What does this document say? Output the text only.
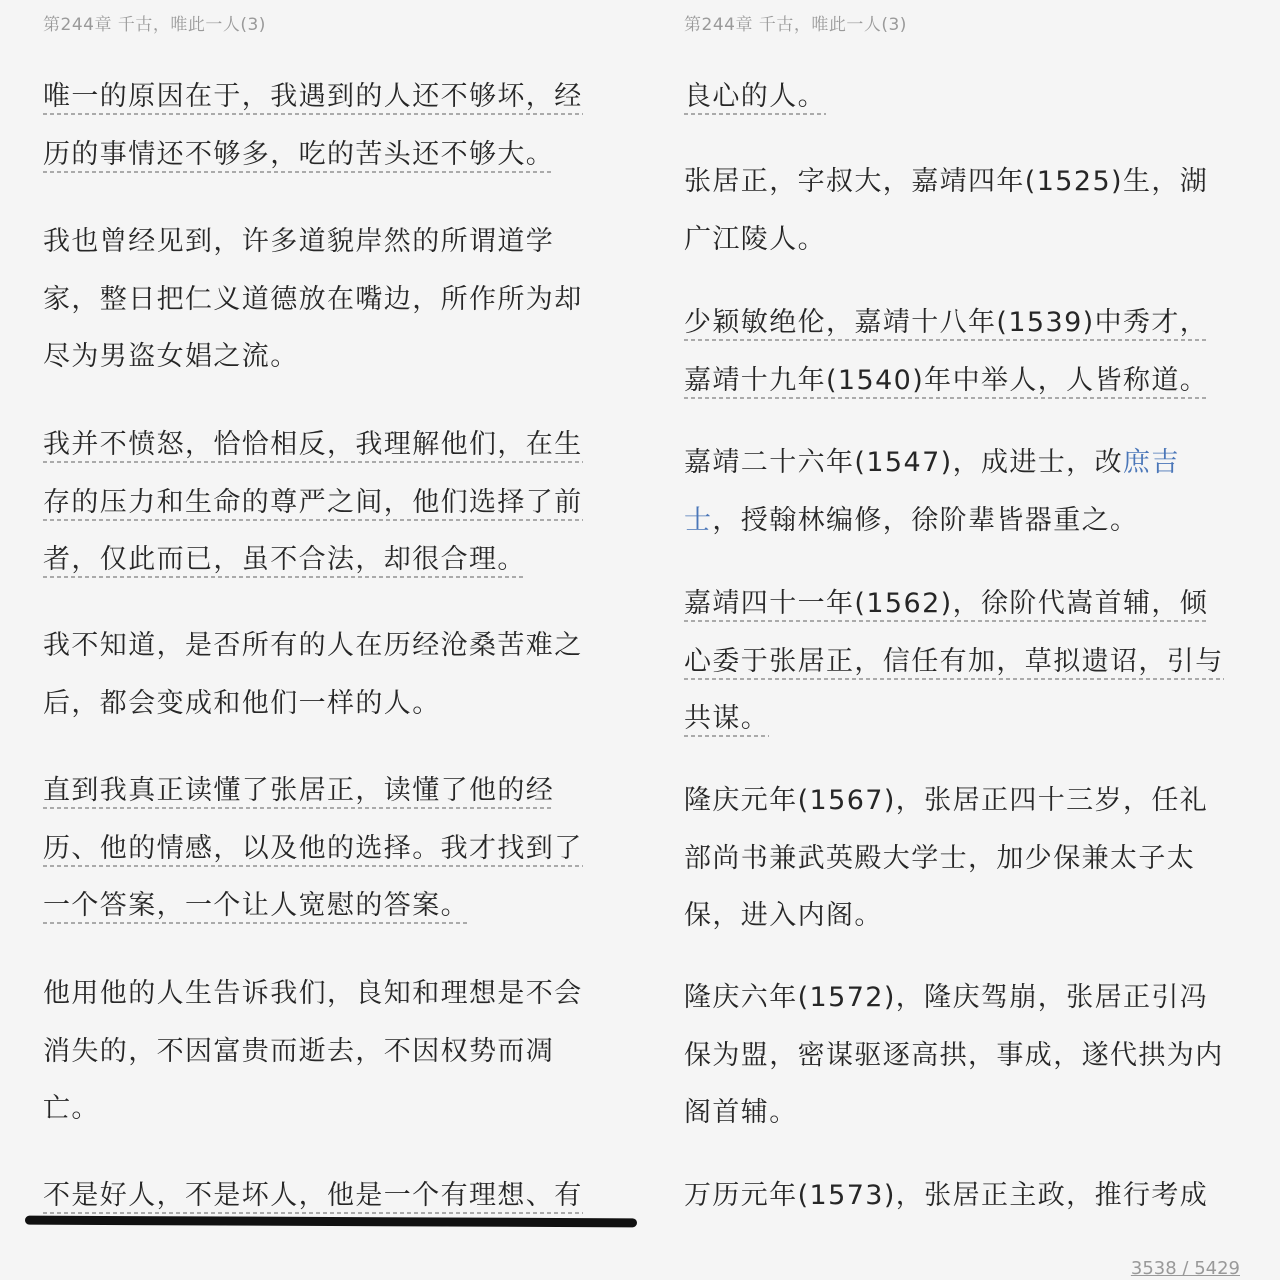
第244章 千古，唯此一人(3)

唯一的原因在于，我遇到的人还不够坏，经历的事情还不够多，吃的苦头还不够大。

我也曾经见到，许多道貌岸然的所谓道学家，整日把仁义道德放在嘴边，所作所为却尽为男盗女娼之流。

我并不愤怒，恰恰相反，我理解他们，在生存的压力和生命的尊严之间，他们选择了前者，仅此而已，虽不合法，却很合理。

我不知道，是否所有的人在历经沧桑苦难之后，都会变成和他们一样的人。

直到我真正读懂了张居正，读懂了他的经历、他的情感，以及他的选择。我才找到了一个答案，一个让人宽慰的答案。

他用他的人生告诉我们，良知和理想是不会消失的，不因富贵而逝去，不因权势而凋亡。

不是好人，不是坏人，他是一个有理想、有

第244章 千古，唯此一人(3)

良心的人。

张居正，字叔大，嘉靖四年(1525)生，湖广江陵人。

少颖敏绝伦，嘉靖十八年(1539)中秀才，嘉靖十九年(1540)年中举人，人皆称道。

嘉靖二十六年(1547)，成进士，改庶吉士，授翰林编修，徐阶辈皆器重之。

嘉靖四十一年(1562)，徐阶代嵩首辅，倾心委于张居正，信任有加，草拟遗诏，引与共谋。

隆庆元年(1567)，张居正四十三岁，任礼部尚书兼武英殿大学士，加少保兼太子太保，进入内阁。

隆庆六年(1572)，隆庆驾崩，张居正引冯保为盟，密谋驱逐高拱，事成，遂代拱为内阁首辅。

万历元年(1573)，张居正主政，推行考成

3538 / 5429
